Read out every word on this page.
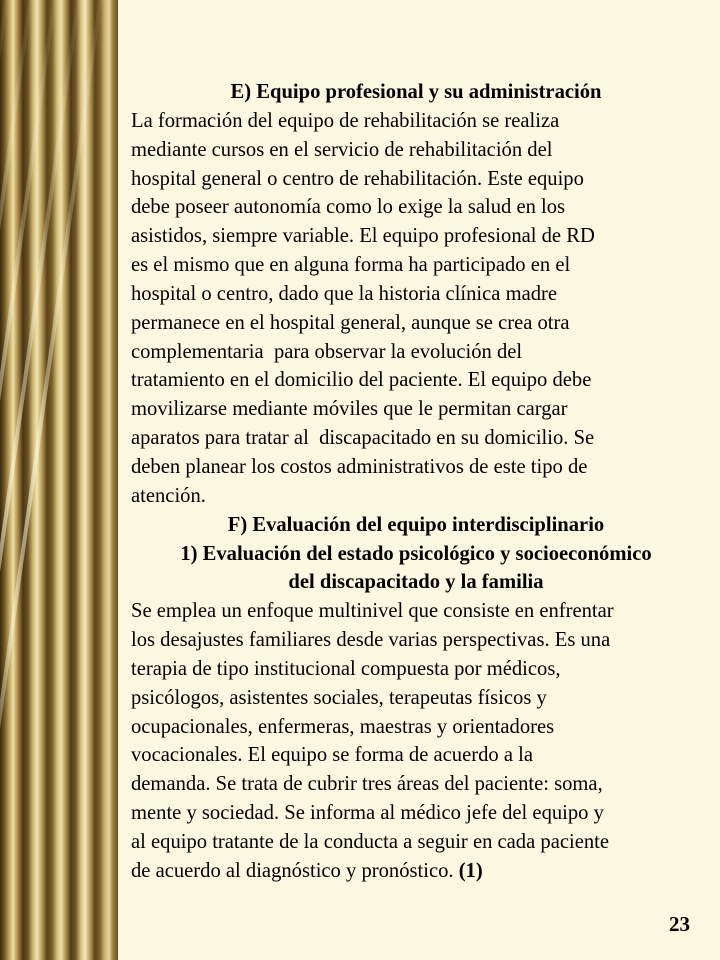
E) Equipo profesional y su administración

La formación del equipo de rehabilitación se realiza

mediante cursos en el servicio de rehabilitación del

hospital general o centro de rehabilitación. Este equipo

debe poseer autonomía como lo exige la salud en los

asistidos, siempre variable. El equipo profesional de RD

es el mismo que en alguna forma ha participado en el

hospital o centro, dado que la historia clínica madre

permanece en el hospital general, aunque se crea otra

complementaria  para observar la evolución del

tratamiento en el domicilio del paciente. El equipo debe

movilizarse mediante móviles que le permitan cargar

aparatos para tratar al  discapacitado en su domicilio. Se

deben planear los costos administrativos de este tipo de

atención.

F) Evaluación del equipo interdisciplinario

1) Evaluación del estado psicológico y socioeconómico

del discapacitado y la familia

Se emplea un enfoque multinivel que consiste en enfrentar

los desajustes familiares desde varias perspectivas. Es una

terapia de tipo institucional compuesta por médicos,

psicólogos, asistentes sociales, terapeutas físicos y

ocupacionales, enfermeras, maestras y orientadores

vocacionales. El equipo se forma de acuerdo a la

demanda. Se trata de cubrir tres áreas del paciente: soma,

mente y sociedad. Se informa al médico jefe del equipo y

al equipo tratante de la conducta a seguir en cada paciente

de acuerdo al diagnóstico y pronóstico. (1)

23
